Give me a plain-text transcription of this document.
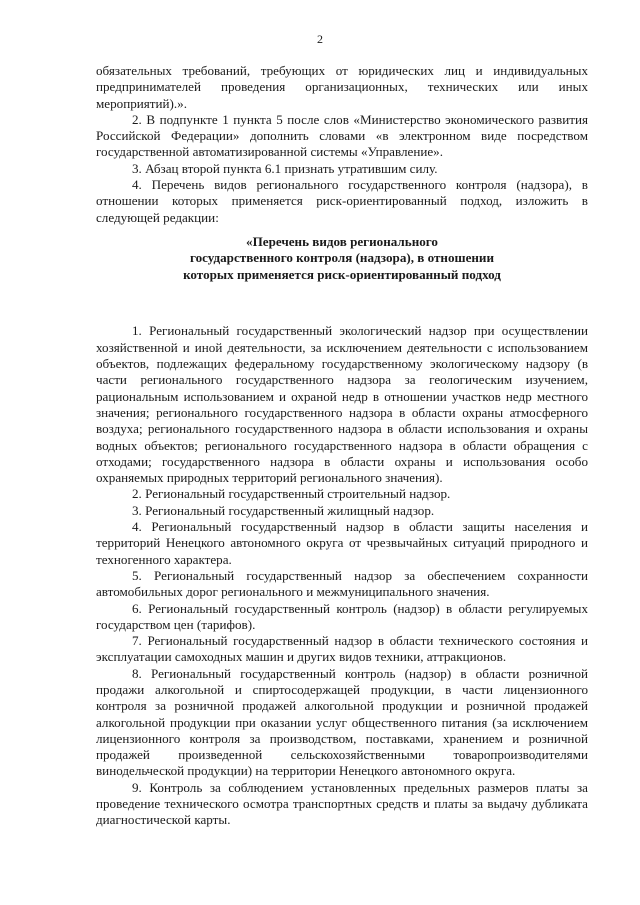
2

обязательных требований, требующих от юридических лиц и индивидуальных предпринимателей проведения организационных, технических или иных мероприятий).».

2. В подпункте 1 пункта 5 после слов «Министерство экономического развития Российской Федерации» дополнить словами «в электронном виде посредством государственной автоматизированной системы «Управление».

3. Абзац второй пункта 6.1 признать утратившим силу.

4. Перечень видов регионального государственного контроля (надзора), в отношении которых применяется риск-ориентированный подход, изложить в следующей редакции:

«Перечень видов регионального
государственного контроля (надзора), в отношении
которых применяется риск-ориентированный подход

1. Региональный государственный экологический надзор при осуществлении хозяйственной и иной деятельности, за исключением деятельности с использованием объектов, подлежащих федеральному государственному экологическому надзору (в части регионального государственного надзора за геологическим изучением, рациональным использованием и охраной недр в отношении участков недр местного значения; регионального государственного надзора в области охраны атмосферного воздуха; регионального государственного надзора в области использования и охраны водных объектов; регионального государственного надзора в области обращения с отходами; государственного надзора в области охраны и использования особо охраняемых природных территорий регионального значения).

2. Региональный государственный строительный надзор.

3. Региональный государственный жилищный надзор.

4. Региональный государственный надзор в области защиты населения и территорий Ненецкого автономного округа от чрезвычайных ситуаций природного и техногенного характера.

5. Региональный государственный надзор за обеспечением сохранности автомобильных дорог регионального и межмуниципального значения.

6. Региональный государственный контроль (надзор) в области регулируемых государством цен (тарифов).

7. Региональный государственный надзор в области технического состояния и эксплуатации самоходных машин и других видов техники, аттракционов.

8. Региональный государственный контроль (надзор) в области розничной продажи алкогольной и спиртосодержащей продукции, в части лицензионного контроля за розничной продажей алкогольной продукции и розничной продажей алкогольной продукции при оказании услуг общественного питания (за исключением лицензионного контроля за производством, поставками, хранением и розничной продажей произведенной сельскохозяйственными товаропроизводителями винодельческой продукции) на территории Ненецкого автономного округа.

9. Контроль за соблюдением установленных предельных размеров платы за проведение технического осмотра транспортных средств и платы за выдачу дубликата диагностической карты.
